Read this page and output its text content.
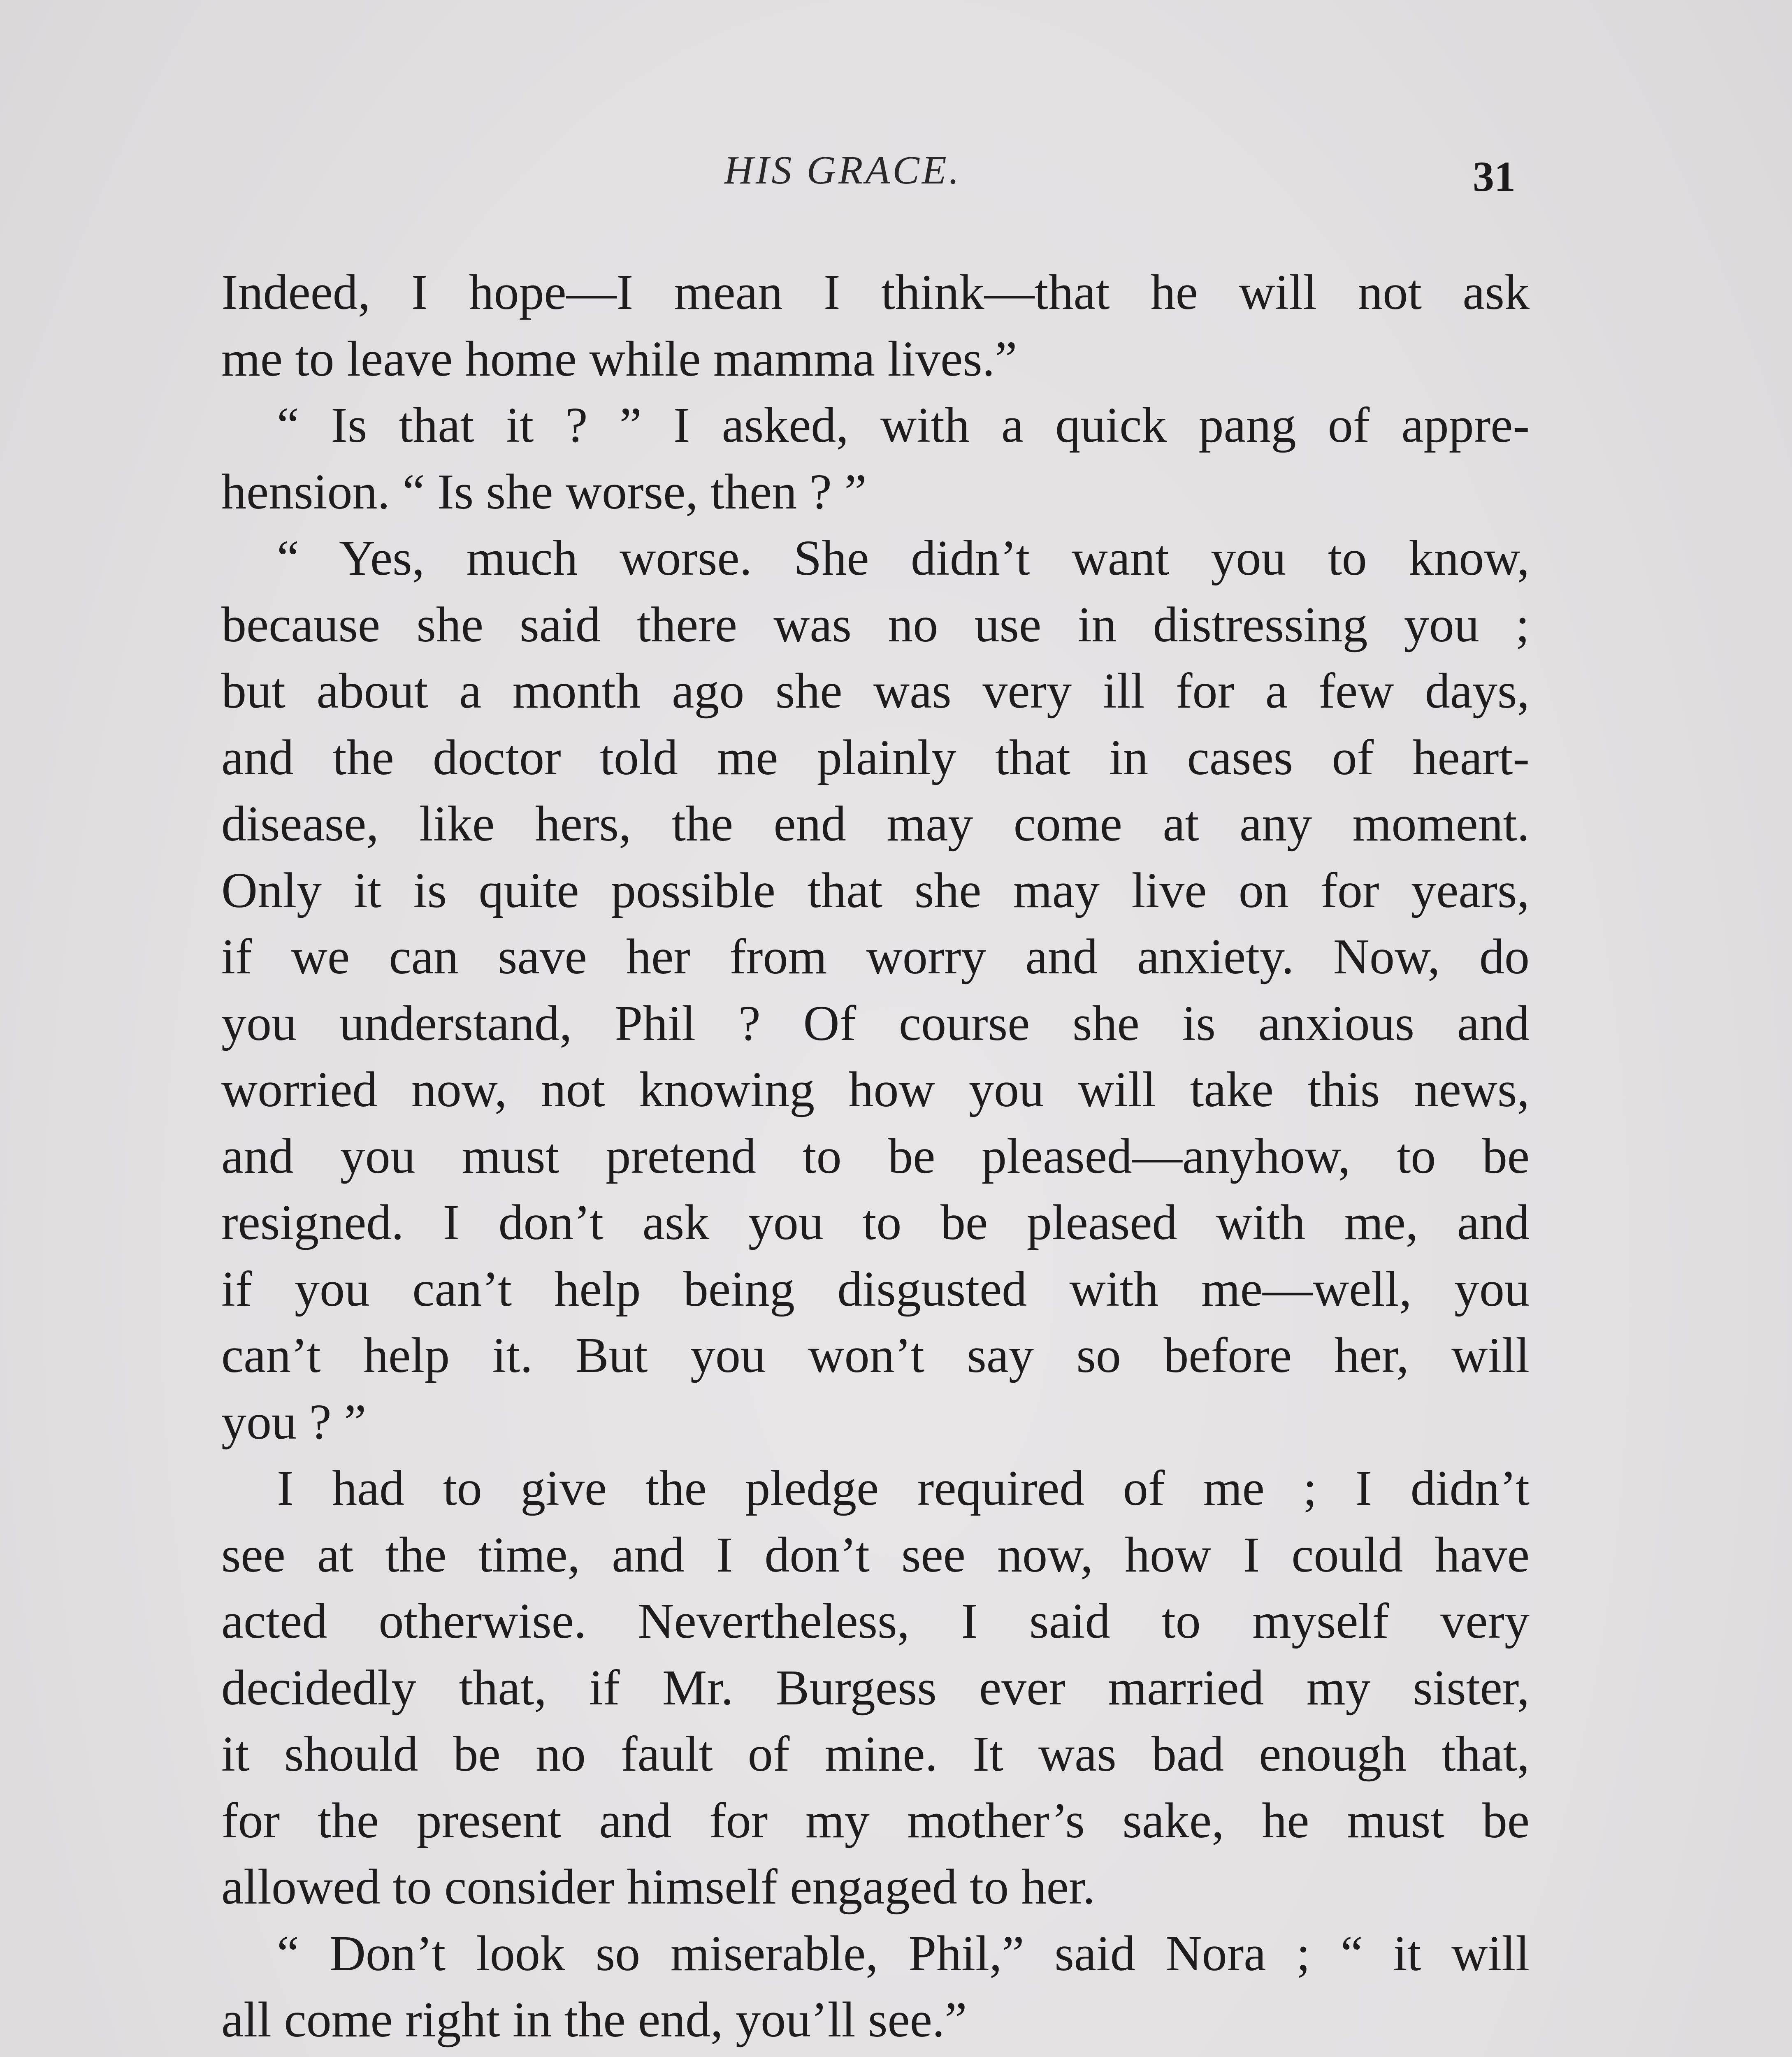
HIS GRACE.	31
Indeed, I hope—I mean I think—that he will not ask
me to leave home while mamma lives.”
“ Is that it ? ” I asked, with a quick pang of appre-
hension. “ Is she worse, then ? ”
“ Yes, much worse. She didn’t want you to know,
because she said there was no use in distressing you ;
but about a month ago she was very ill for a few days,
and the doctor told me plainly that in cases of heart-
disease, like hers, the end may come at any moment.
Only it is quite possible that she may live on for years,
if we can save her from worry and anxiety. Now, do
you understand, Phil ? Of course she is anxious and
worried now, not knowing how you will take this news,
and you must pretend to be pleased—anyhow, to be
resigned. I don’t ask you to be pleased with me, and
if you can’t help being disgusted with me—well, you
can’t help it. But you won’t say so before her, will
you ? ”
I had to give the pledge required of me ; I didn’t
see at the time, and I don’t see now, how I could have
acted otherwise. Nevertheless, I said to myself very
decidedly that, if Mr. Burgess ever married my sister,
it should be no fault of mine. It was bad enough that,
for the present and for my mother’s sake, he must be
allowed to consider himself engaged to her.
“ Don’t look so miserable, Phil,” said Nora ; “ it will
all come right in the end, you’ll see.”
